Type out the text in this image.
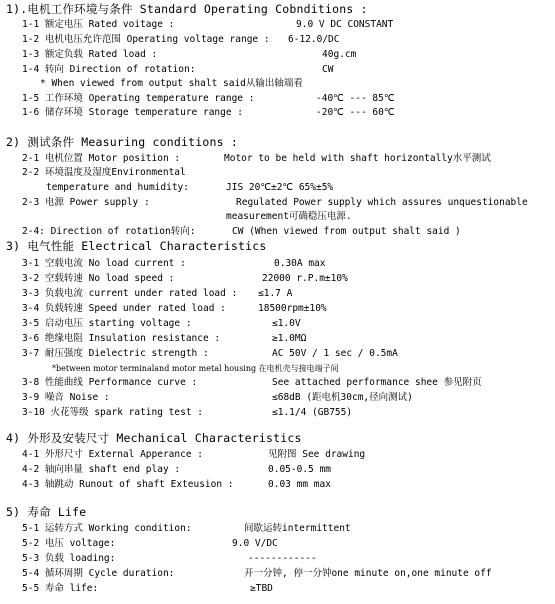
1).电机工作环境与条件 Standard Operating Cobnditions :
1-1 额定电压 Rated voitage :	9.0 V DC CONSTANT
1-2 电机电压允许范围 Operating voltage range : 6-12.0/DC
1-3 额定负载 Rated load :	40g.cm
1-4 转向 Direction of rotation:	CW
* When viewed from output shalt said从输出轴端看
1-5 工作环境 Operating temperature range :	-40℃ --- 85℃
1-6 储存环境 Storage temperature range :	-20℃ --- 60℃
2) 测试条件 Measuring conditions :
2-1 电机位置 Motor position :	Motor to be held with shaft horizontally水平测试
2-2 环境温度及湿度Environmental
temperature and humidity:	JIS 20℃±2℃ 65%±5%
2-3 电源 Power supply :	Regulated Power supply which assures unquestionable
measurement可确稳压电源.
2-4: Direction of rotation转向:	CW (When viewed from output shalt said )
3) 电气性能 Electrical Characteristics
3-1 空载电流 No load current :	0.30A max
3-2 空载转速 No load speed :	22000 r.P.m±10%
3-3 负载电流 current under rated load : ≤1.7 A
3-4 负载转速 Speed under rated load :	18500rpm±10%
3-5 启动电压 starting voltage :	≤1.0V
3-6 绝缘电阻 Insulation resistance :	≥1.0MΩ
3-7 耐压强度 Dielectric strength :	AC 50V / 1 sec / 0.5mA
*between motor terminaland motor metal housing 在电机壳与接电端子间
3-8 性能曲线 Performance curve :	See attached performance shee 参见附页
3-9 噪音 Noise :	≤68dB (距电机30cm,径向测试)
3-10 火花等级 spark rating test :	≤1.1/4 (GB755)
4) 外形及安装尺寸 Mechanical Characteristics
4-1 外形尺寸 External Apperance :	见附图 See drawing
4-2 轴向串量 shaft end play :	0.05-0.5 mm
4-3 轴跳动 Runout of shaft Exteusion :	0.03 mm max
5) 寿命 Life
5-1 运转方式 Working condition:	间歇运转intermittent
5-2 电压 voltage:	9.0 V/DC
5-3 负载 loading:	------------
5-4 循环周期 Cycle duration:	开一分钟, 停一分钟one minute on,one minute off
5-5 寿命 life:	≥TBD
